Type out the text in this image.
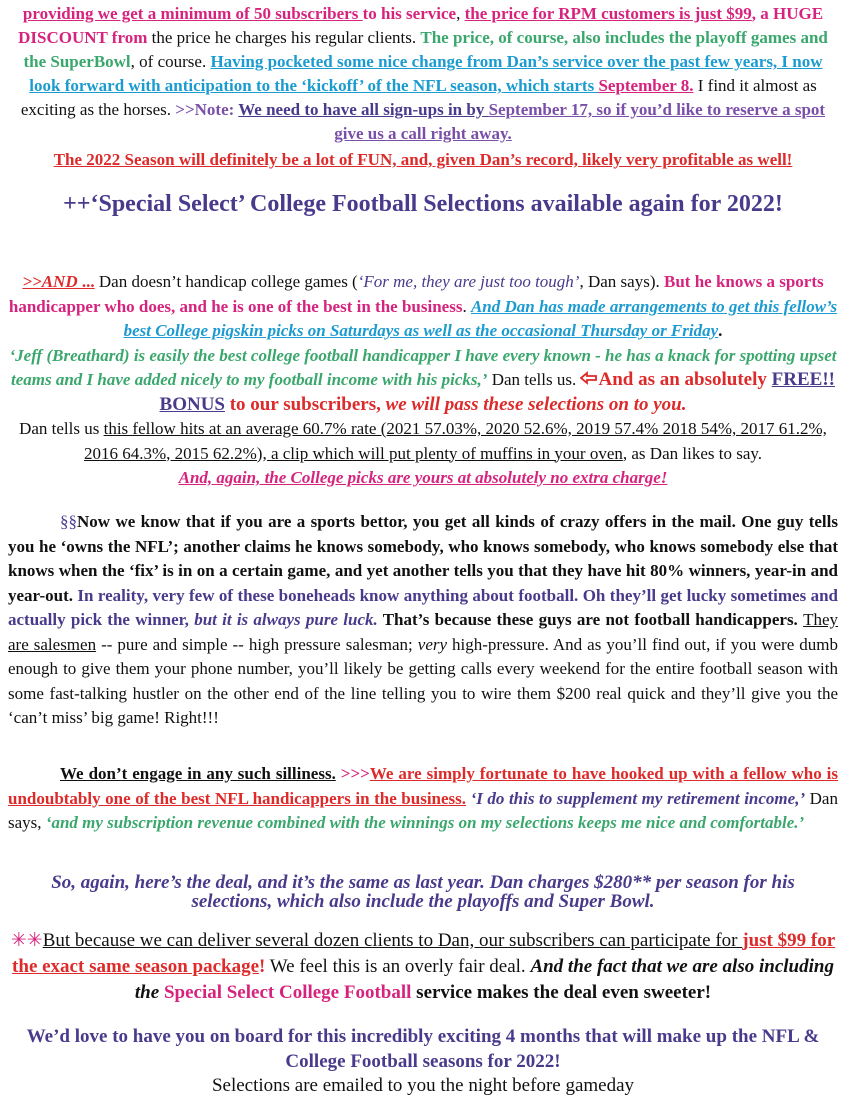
providing we get a minimum of 50 subscribers to his service, the price for RPM customers is just $99, a HUGE DISCOUNT from the price he charges his regular clients. The price, of course, also includes the playoff games and the SuperBowl, of course. Having pocketed some nice change from Dan’s service over the past few years, I now look forward with anticipation to the ‘kickoff’ of the NFL season, which starts September 8. I find it almost as exciting as the horses. >>Note: We need to have all sign-ups in by September 17, so if you’d like to reserve a spot give us a call right away.
The 2022 Season will definitely be a lot of FUN, and, given Dan’s record, likely very profitable as well!
++‘Special Select’ College Football Selections available again for 2022!
>>AND ... Dan doesn’t handicap college games (‘For me, they are just too tough’, Dan says). But he knows a sports handicapper who does, and he is one of the best in the business. And Dan has made arrangements to get this fellow’s best College pigskin picks on Saturdays as well as the occasional Thursday or Friday.
‘Jeff (Breathard) is easily the best college football handicapper I have every known - he has a knack for spotting upset teams and I have added nicely to my football income with his picks,’ Dan tells us. And as an absolutely FREE!! BONUS to our subscribers, we will pass these selections on to you.
Dan tells us this fellow hits at an average 60.7% rate (2021 57.03%, 2020 52.6%, 2019 57.4% 2018 54%, 2017 61.2%, 2016 64.3%, 2015 62.2%), a clip which will put plenty of muffins in your oven, as Dan likes to say.
And, again, the College picks are yours at absolutely no extra charge!
§§Now we know that if you are a sports bettor, you get all kinds of crazy offers in the mail. One guy tells you he ‘owns the NFL’; another claims he knows somebody, who knows somebody, who knows somebody else that knows when the ‘fix’ is in on a certain game, and yet another tells you that they have hit 80% winners, year-in and year-out. In reality, very few of these boneheads know anything about football. Oh they’ll get lucky sometimes and actually pick the winner, but it is always pure luck. That’s because these guys are not football handicappers. They are salesmen -- pure and simple -- high pressure salesman; very high-pressure. And as you’ll find out, if you were dumb enough to give them your phone number, you’ll likely be getting calls every weekend for the entire football season with some fast-talking hustler on the other end of the line telling you to wire them $200 real quick and they’ll give you the ‘can’t miss’ big game! Right!!!
We don’t engage in any such silliness. >>>We are simply fortunate to have hooked up with a fellow who is undoubtably one of the best NFL handicappers in the business. ‘I do this to supplement my retirement income,’ Dan says, ‘and my subscription revenue combined with the winnings on my selections keeps me nice and comfortable.’
So, again, here’s the deal, and it’s the same as last year. Dan charges $280** per season for his selections, which also include the playoffs and Super Bowl.
✳✳But because we can deliver several dozen clients to Dan, our subscribers can participate for just $99 for the exact same season package! We feel this is an overly fair deal. And the fact that we are also including the Special Select College Football service makes the deal even sweeter!
We’d love to have you on board for this incredibly exciting 4 months that will make up the NFL & College Football seasons for 2022!
Selections are emailed to you the night before gameday
